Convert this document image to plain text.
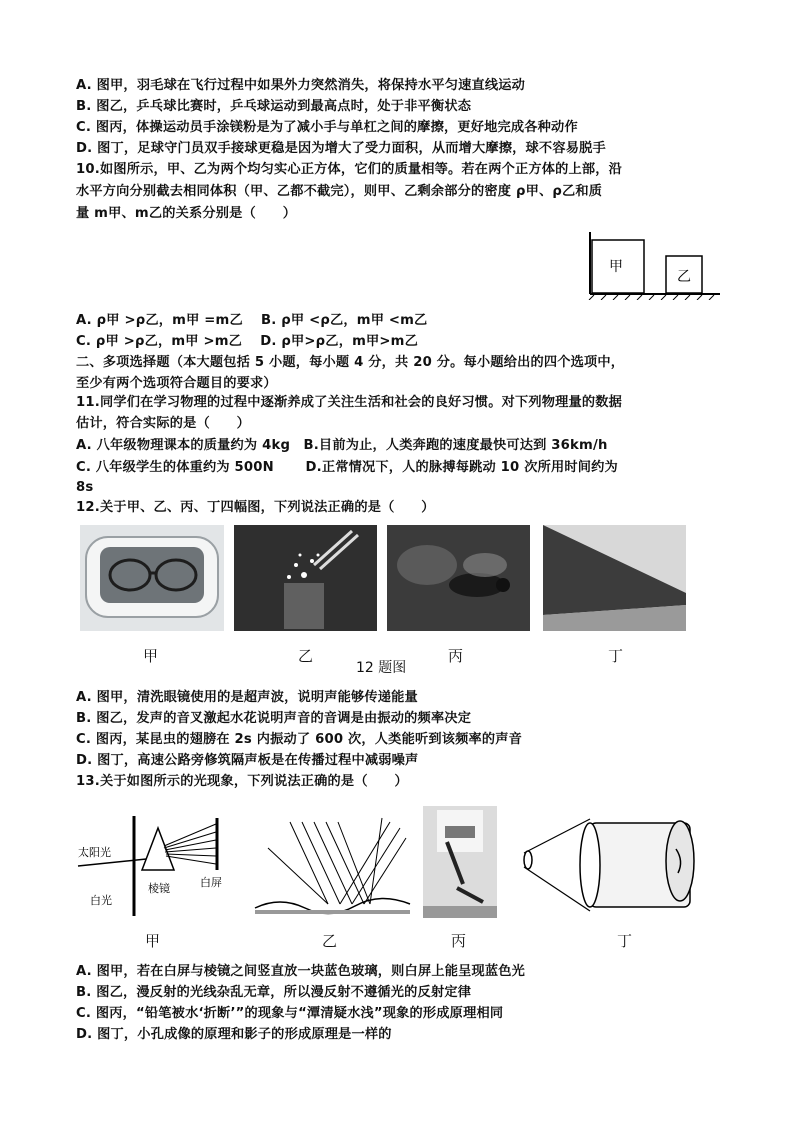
A. 图甲，羽毛球在飞行过程中如果外力突然消失，将保持水平匀速直线运动
B. 图乙，乒乓球比赛时，乒乓球运动到最高点时，处于非平衡状态
C. 图丙，体操运动员手涂镁粉是为了减小手与单杠之间的摩擦，更好地完成各种动作
D. 图丁，足球守门员双手接球更稳是因为增大了受力面积，从而增大摩擦，球不容易脱手
10.如图所示，甲、乙为两个均匀实心正方体，它们的质量相等。若在两个正方体的上部，沿
水平方向分别截去相同体积（甲、乙都不截完），则甲、乙剩余部分的密度 ρ甲、ρ乙和质
量 m甲、m乙的关系分别是（　　）
甲
乙
A. ρ甲 >ρ乙，m甲 =m乙　 B. ρ甲 <ρ乙，m甲 <m乙
C. ρ甲 >ρ乙，m甲 >m乙　 D. ρ甲>ρ乙，m甲>m乙
二、多项选择题（本大题包括 5 小题，每小题 4 分，共 20 分。每小题给出的四个选项中，
至少有两个选项符合题目的要求）
11.同学们在学习物理的过程中逐渐养成了关注生活和社会的良好习惯。对下列物理量的数据
估计，符合实际的是（　　）
A. 八年级物理课本的质量约为 4kg　B.目前为止，人类奔跑的速度最快可达到 36km/h
C. 八年级学生的体重约为 500N　　 D.正常情况下，人的脉搏每跳动 10 次所用时间约为
8s
12.关于甲、乙、丙、丁四幅图，下列说法正确的是（　　）
甲	乙	丙	丁
12 题图
A. 图甲，清洗眼镜使用的是超声波，说明声能够传递能量
B. 图乙，发声的音叉激起水花说明声音的音调是由振动的频率决定
C. 图丙，某昆虫的翅膀在 2s 内振动了 600 次，人类能听到该频率的声音
D. 图丁，高速公路旁修筑隔声板是在传播过程中减弱噪声
13.关于如图所示的光现象，下列说法正确的是（　　）
太阳光
白光
棱镜	白屏
甲	乙	丙	丁
A. 图甲，若在白屏与棱镜之间竖直放一块蓝色玻璃，则白屏上能呈现蓝色光
B. 图乙，漫反射的光线杂乱无章，所以漫反射不遵循光的反射定律
C. 图丙，“铅笔被水‘折断’”的现象与“潭清疑水浅”现象的形成原理相同
D. 图丁，小孔成像的原理和影子的形成原理是一样的
